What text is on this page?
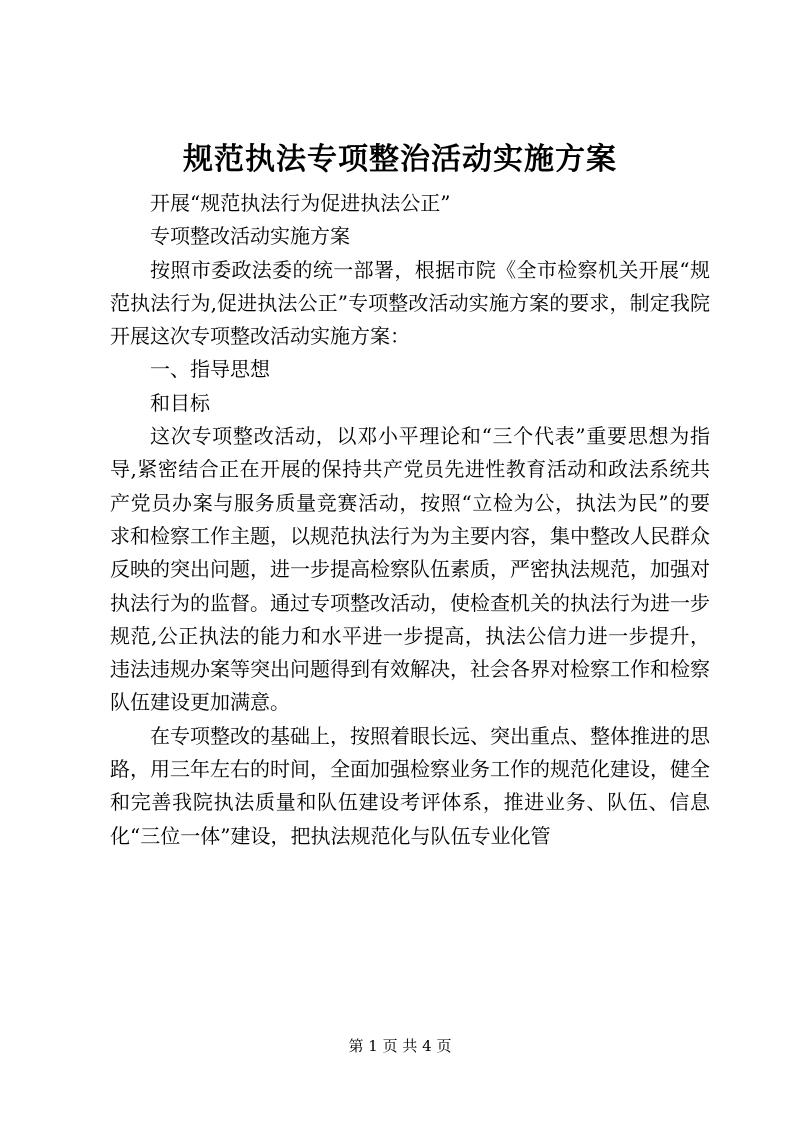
规范执法专项整治活动实施方案

开展“规范执法行为促进执法公正”

专项整改活动实施方案

按照市委政法委的统一部署，根据市院《全市检察机关开展“规范执法行为,促进执法公正”专项整改活动实施方案的要求，制定我院开展这次专项整改活动实施方案：

一、指导思想

和目标

这次专项整改活动，以邓小平理论和“三个代表”重要思想为指导,紧密结合正在开展的保持共产党员先进性教育活动和政法系统共产党员办案与服务质量竞赛活动，按照“立检为公，执法为民”的要求和检察工作主题，以规范执法行为为主要内容，集中整改人民群众反映的突出问题，进一步提高检察队伍素质，严密执法规范，加强对执法行为的监督。通过专项整改活动，使检查机关的执法行为进一步规范,公正执法的能力和水平进一步提高，执法公信力进一步提升，违法违规办案等突出问题得到有效解决，社会各界对检察工作和检察队伍建设更加满意。

在专项整改的基础上，按照着眼长远、突出重点、整体推进的思路，用三年左右的时间，全面加强检察业务工作的规范化建设，健全和完善我院执法质量和队伍建设考评体系，推进业务、队伍、信息化“三位一体”建设，把执法规范化与队伍专业化管

第 1 页 共 4 页
